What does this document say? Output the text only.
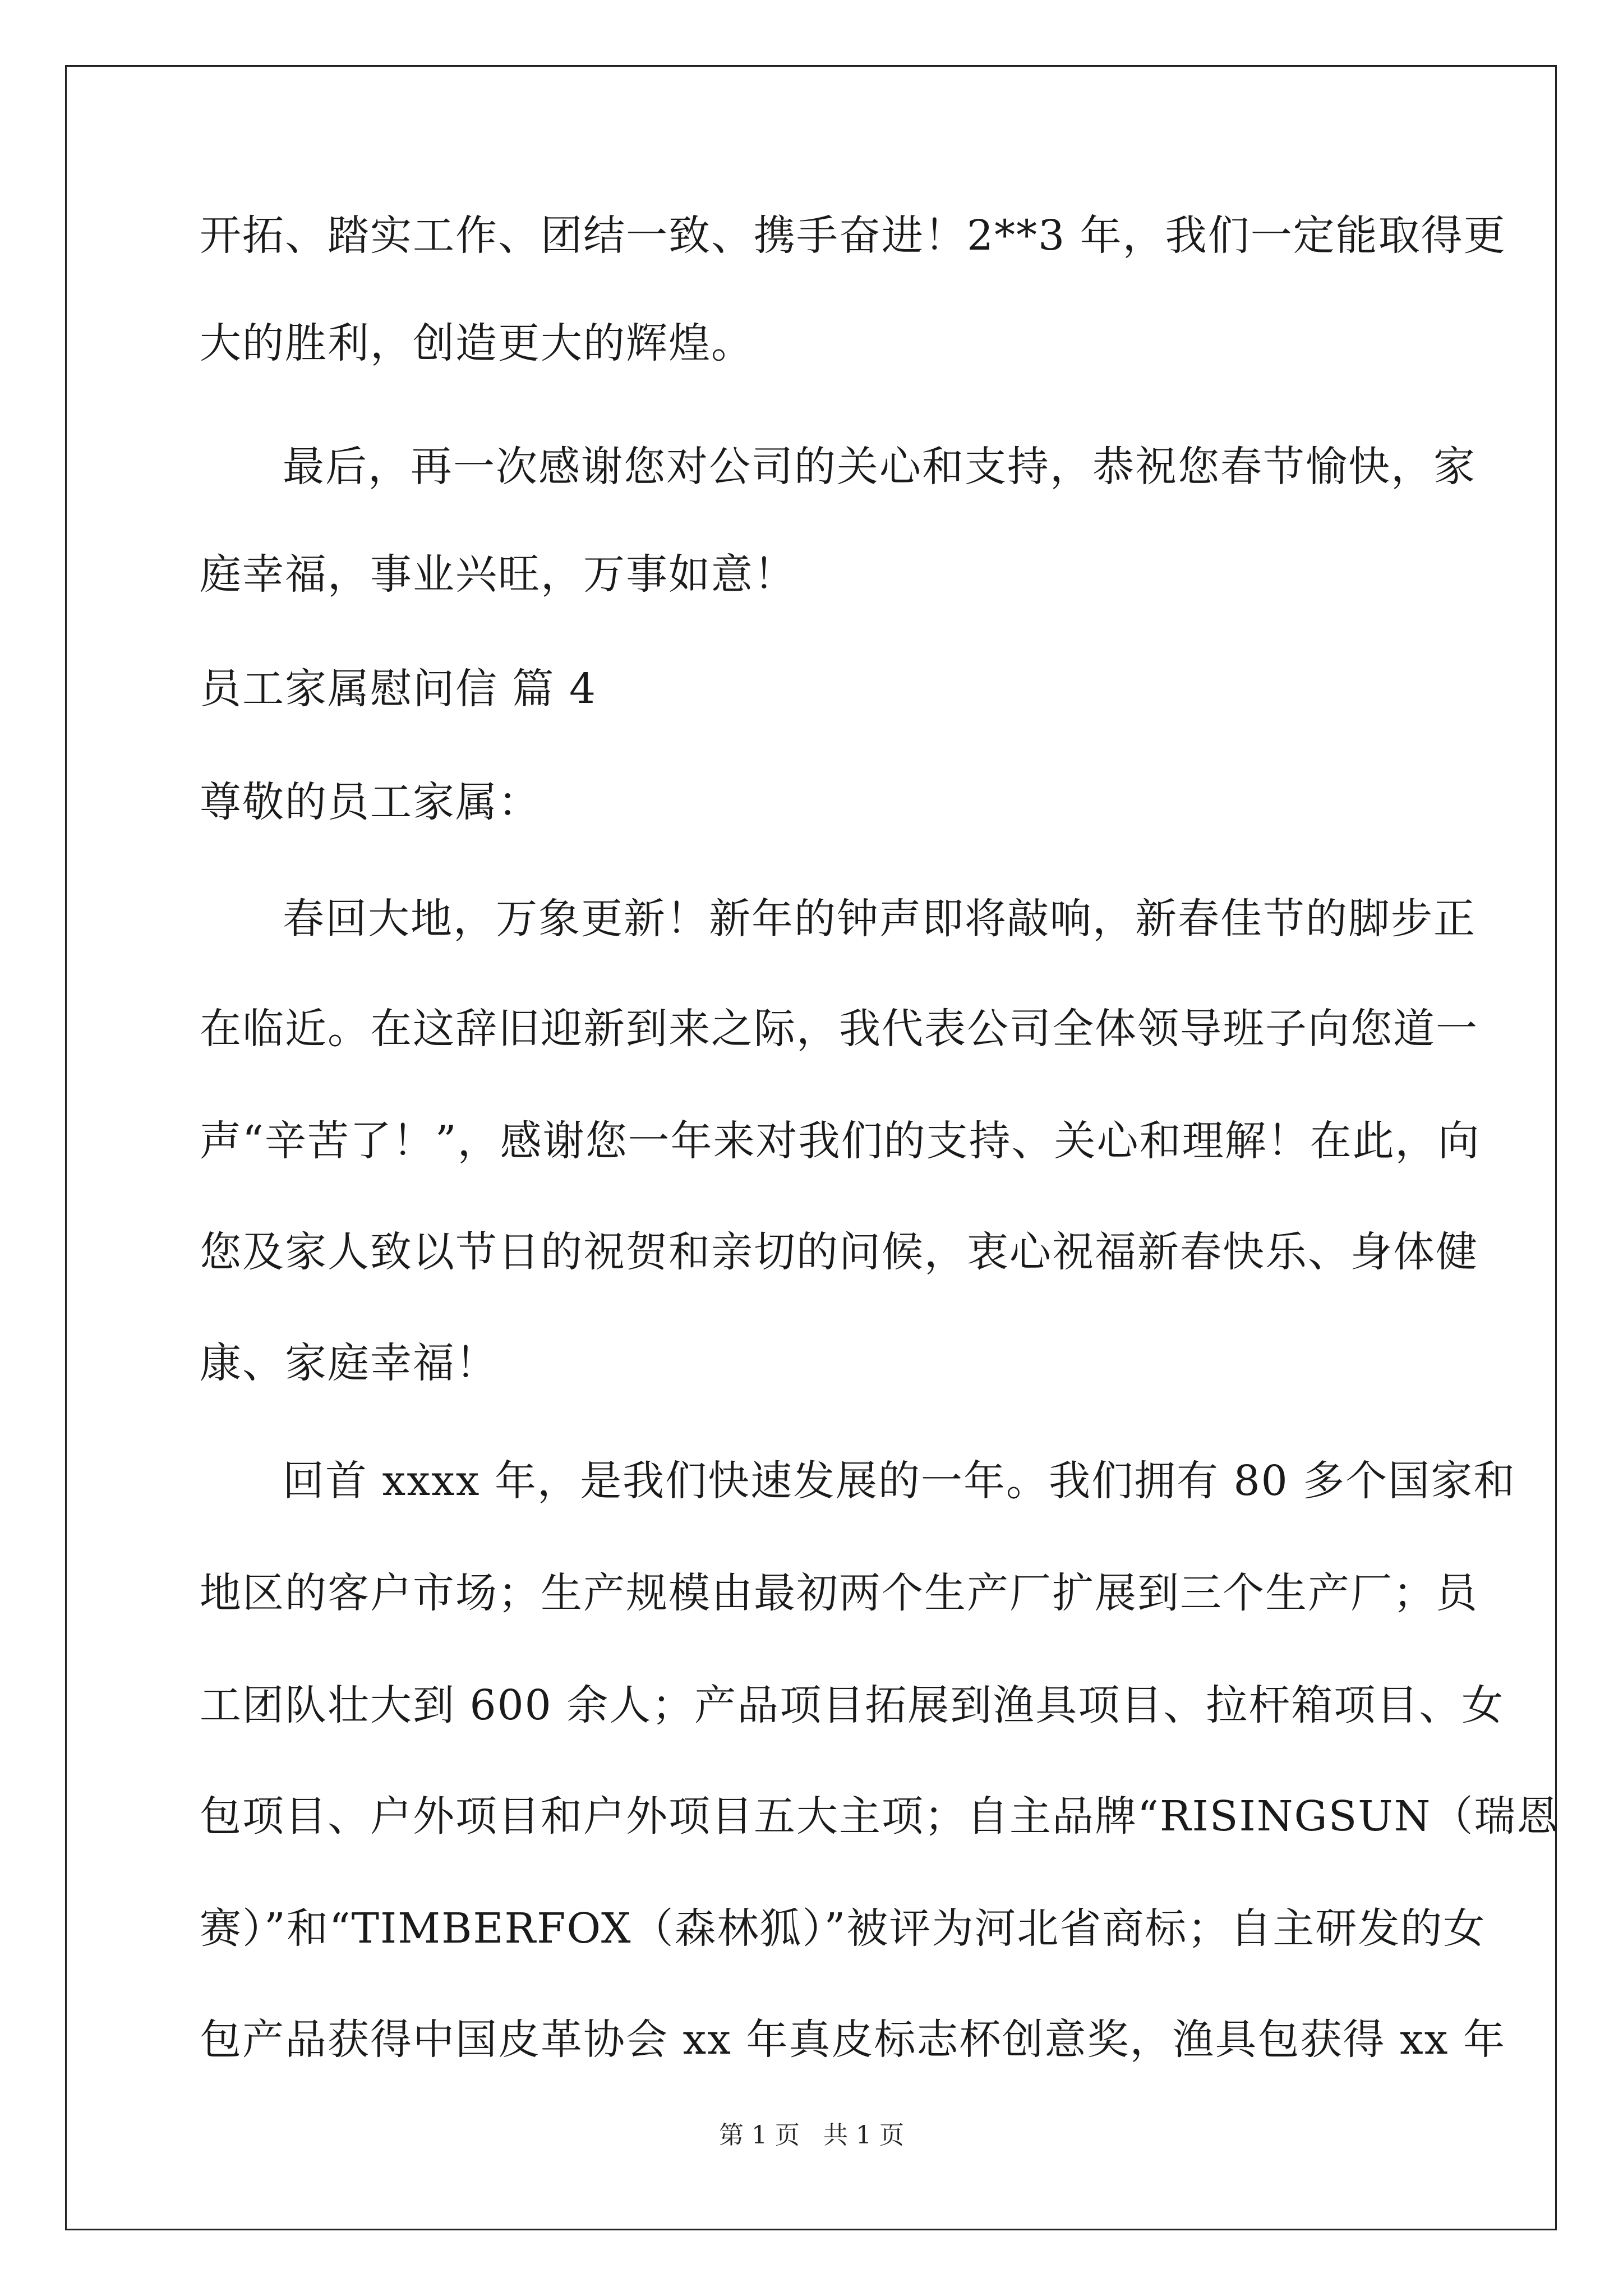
开拓、踏实工作、团结一致、携手奋进！2**3 年，我们一定能取得更
大的胜利，创造更大的辉煌。
最后，再一次感谢您对公司的关心和支持，恭祝您春节愉快，家
庭幸福，事业兴旺，万事如意！
员工家属慰问信 篇 4
尊敬的员工家属：
春回大地，万象更新！新年的钟声即将敲响，新春佳节的脚步正
在临近。在这辞旧迎新到来之际，我代表公司全体领导班子向您道一
声“辛苦了！”，感谢您一年来对我们的支持、关心和理解！在此，向
您及家人致以节日的祝贺和亲切的问候，衷心祝福新春快乐、身体健
康、家庭幸福！
回首 xxxx 年，是我们快速发展的一年。我们拥有 80 多个国家和
地区的客户市场；生产规模由最初两个生产厂扩展到三个生产厂；员
工团队壮大到 600 余人；产品项目拓展到渔具项目、拉杆箱项目、女
包项目、户外项目和户外项目五大主项；自主品牌“RISINGSUN（瑞恩
赛）”和“TIMBERFOX（森林狐）”被评为河北省商标；自主研发的女
包产品获得中国皮革协会 xx 年真皮标志杯创意奖，渔具包获得 xx 年
第 1 页 共 1 页
